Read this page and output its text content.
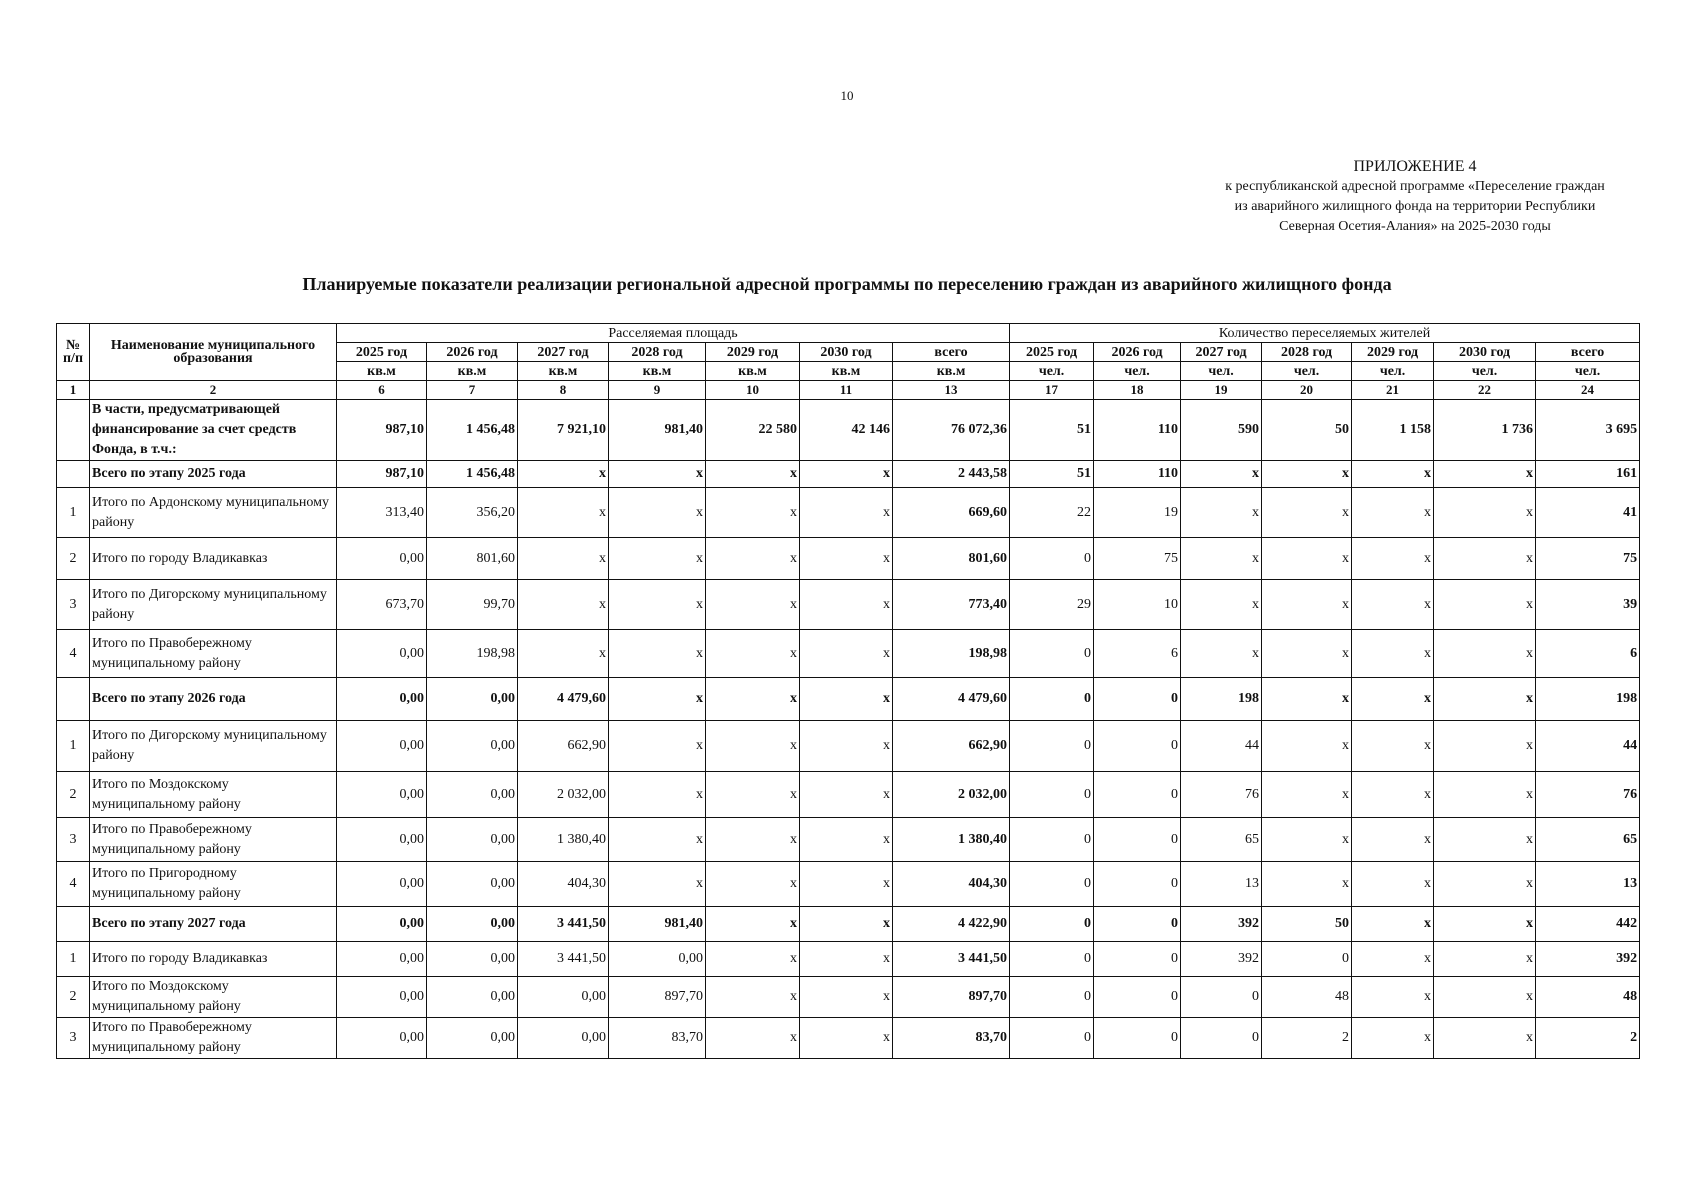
10
ПРИЛОЖЕНИЕ 4
к республиканской адресной программе «Переселение граждан
из аварийного жилищного фонда на территории Республики
Северная Осетия-Алания» на 2025-2030 годы
Планируемые показатели реализации региональной адресной программы по переселению граждан из аварийного жилищного фонда
№ п/п	Наименование муниципального образования	Расселяемая площадь							Количество переселяемых жителей						
		2025 год	2026 год	2027 год	2028 год	2029 год	2030 год	всего	2025 год	2026 год	2027 год	2028 год	2029 год	2030 год	всего
		кв.м	кв.м	кв.м	кв.м	кв.м	кв.м	кв.м	чел.	чел.	чел.	чел.	чел.	чел.	чел.
1	2	6	7	8	9	10	11	13	17	18	19	20	21	22	24
	В части, предусматривающей финансирование за счет средств Фонда, в т.ч.:	987,10	1 456,48	7 921,10	981,40	22 580	42 146	76 072,36	51	110	590	50	1 158	1 736	3 695
	Всего по этапу 2025 года	987,10	1 456,48	x	x	x	x	2 443,58	51	110	x	x	x	x	161
1	Итого по Ардонскому муниципальному району	313,40	356,20	x	x	x	x	669,60	22	19	x	x	x	x	41
2	Итого по городу Владикавказ	0,00	801,60	x	x	x	x	801,60	0	75	x	x	x	x	75
3	Итого по Дигорскому муниципальному району	673,70	99,70	x	x	x	x	773,40	29	10	x	x	x	x	39
4	Итого по Правобережному муниципальному району	0,00	198,98	x	x	x	x	198,98	0	6	x	x	x	x	6
	Всего по этапу 2026 года	0,00	0,00	4 479,60	x	x	x	4 479,60	0	0	198	x	x	x	198
1	Итого по Дигорскому муниципальному району	0,00	0,00	662,90	x	x	x	662,90	0	0	44	x	x	x	44
2	Итого по Моздокскому муниципальному району	0,00	0,00	2 032,00	x	x	x	2 032,00	0	0	76	x	x	x	76
3	Итого по Правобережному муниципальному району	0,00	0,00	1 380,40	x	x	x	1 380,40	0	0	65	x	x	x	65
4	Итого по Пригородному муниципальному району	0,00	0,00	404,30	x	x	x	404,30	0	0	13	x	x	x	13
	Всего по этапу 2027 года	0,00	0,00	3 441,50	981,40	x	x	4 422,90	0	0	392	50	x	x	442
1	Итого по городу Владикавказ	0,00	0,00	3 441,50	0,00	x	x	3 441,50	0	0	392	0	x	x	392
2	Итого по Моздокскому муниципальному району	0,00	0,00	0,00	897,70	x	x	897,70	0	0	0	48	x	x	48
3	Итого по Правобережному муниципальному району	0,00	0,00	0,00	83,70	x	x	83,70	0	0	0	2	x	x	2
